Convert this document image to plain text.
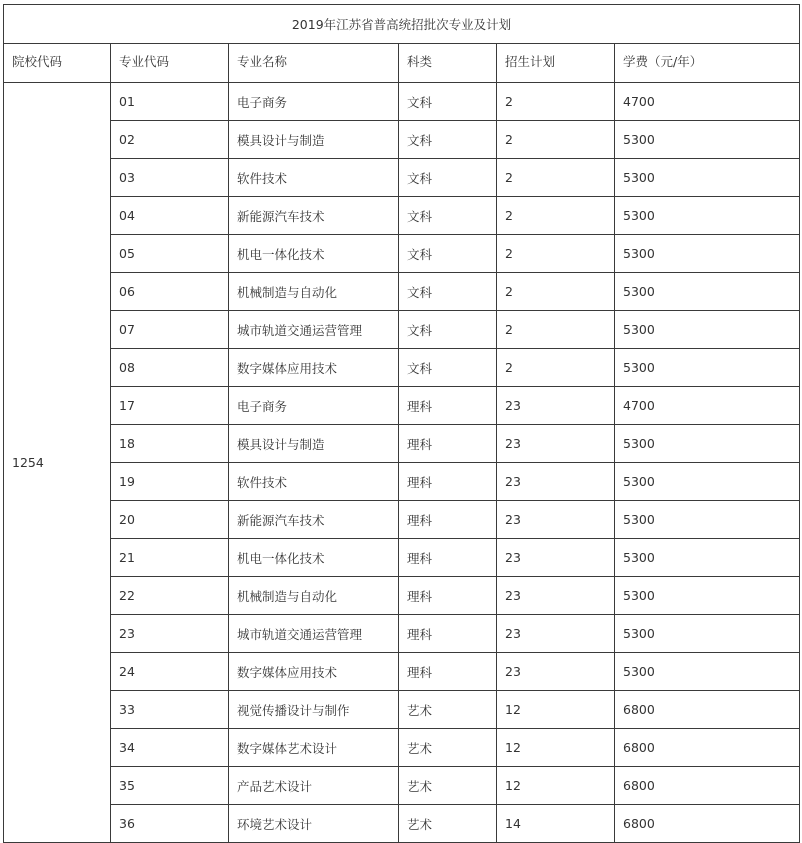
2019年江苏省普高统招批次专业及计划					
院校代码	专业代码	专业名称	科类	招生计划	学费（元/年）
1254	01	电子商务	文科	2	4700
	02	模具设计与制造	文科	2	5300
	03	软件技术	文科	2	5300
	04	新能源汽车技术	文科	2	5300
	05	机电一体化技术	文科	2	5300
	06	机械制造与自动化	文科	2	5300
	07	城市轨道交通运营管理	文科	2	5300
	08	数字媒体应用技术	文科	2	5300
	17	电子商务	理科	23	4700
	18	模具设计与制造	理科	23	5300
	19	软件技术	理科	23	5300
	20	新能源汽车技术	理科	23	5300
	21	机电一体化技术	理科	23	5300
	22	机械制造与自动化	理科	23	5300
	23	城市轨道交通运营管理	理科	23	5300
	24	数字媒体应用技术	理科	23	5300
	33	视觉传播设计与制作	艺术	12	6800
	34	数字媒体艺术设计	艺术	12	6800
	35	产品艺术设计	艺术	12	6800
	36	环境艺术设计	艺术	14	6800
